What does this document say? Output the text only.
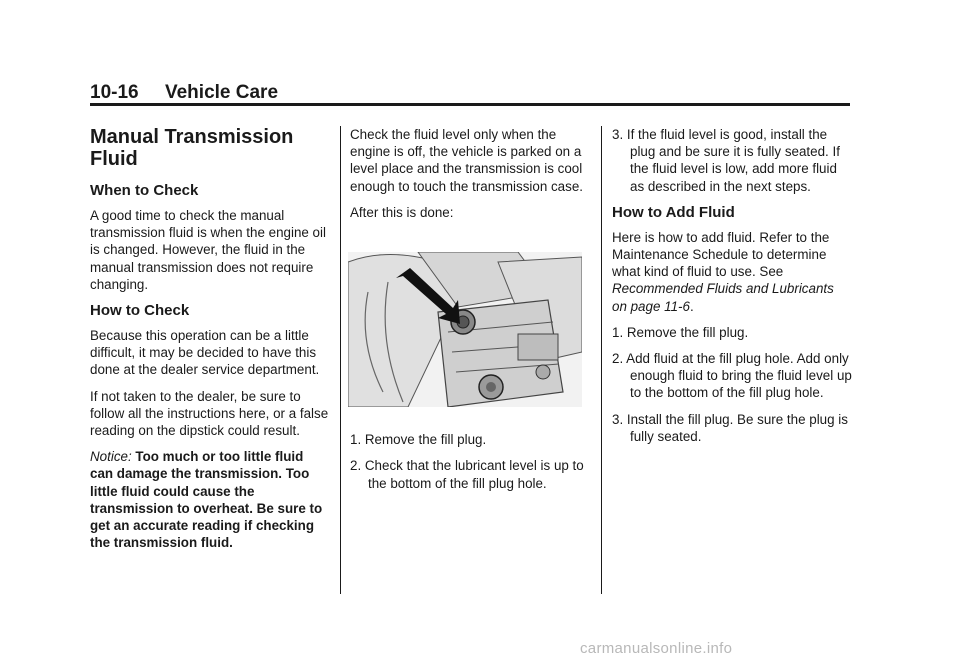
10-16     Vehicle Care
Manual Transmission Fluid
When to Check

A good time to check the manual transmission fluid is when the engine oil is changed. However, the fluid in the manual transmission does not require changing.

How to Check

Because this operation can be a little difficult, it may be decided to have this done at the dealer service department.

If not taken to the dealer, be sure to follow all the instructions here, or a false reading on the dipstick could result.

Notice: Too much or too little fluid can damage the transmission. Too little fluid could cause the transmission to overheat. Be sure to get an accurate reading if checking the transmission fluid.

Check the fluid level only when the engine is off, the vehicle is parked on a level place and the transmission is cool enough to touch the transmission case.

After this is done:

1. Remove the fill plug.

2. Check that the lubricant level is up to the bottom of the fill plug hole.

3. If the fluid level is good, install the plug and be sure it is fully seated. If the fluid level is low, add more fluid as described in the next steps.

How to Add Fluid

Here is how to add fluid. Refer to the Maintenance Schedule to determine what kind of fluid to use. See Recommended Fluids and Lubricants on page 11-6.

1. Remove the fill plug.

2. Add fluid at the fill plug hole. Add only enough fluid to bring the fluid level up to the bottom of the fill plug hole.

3. Install the fill plug. Be sure the plug is fully seated.

carmanualsonline.info
